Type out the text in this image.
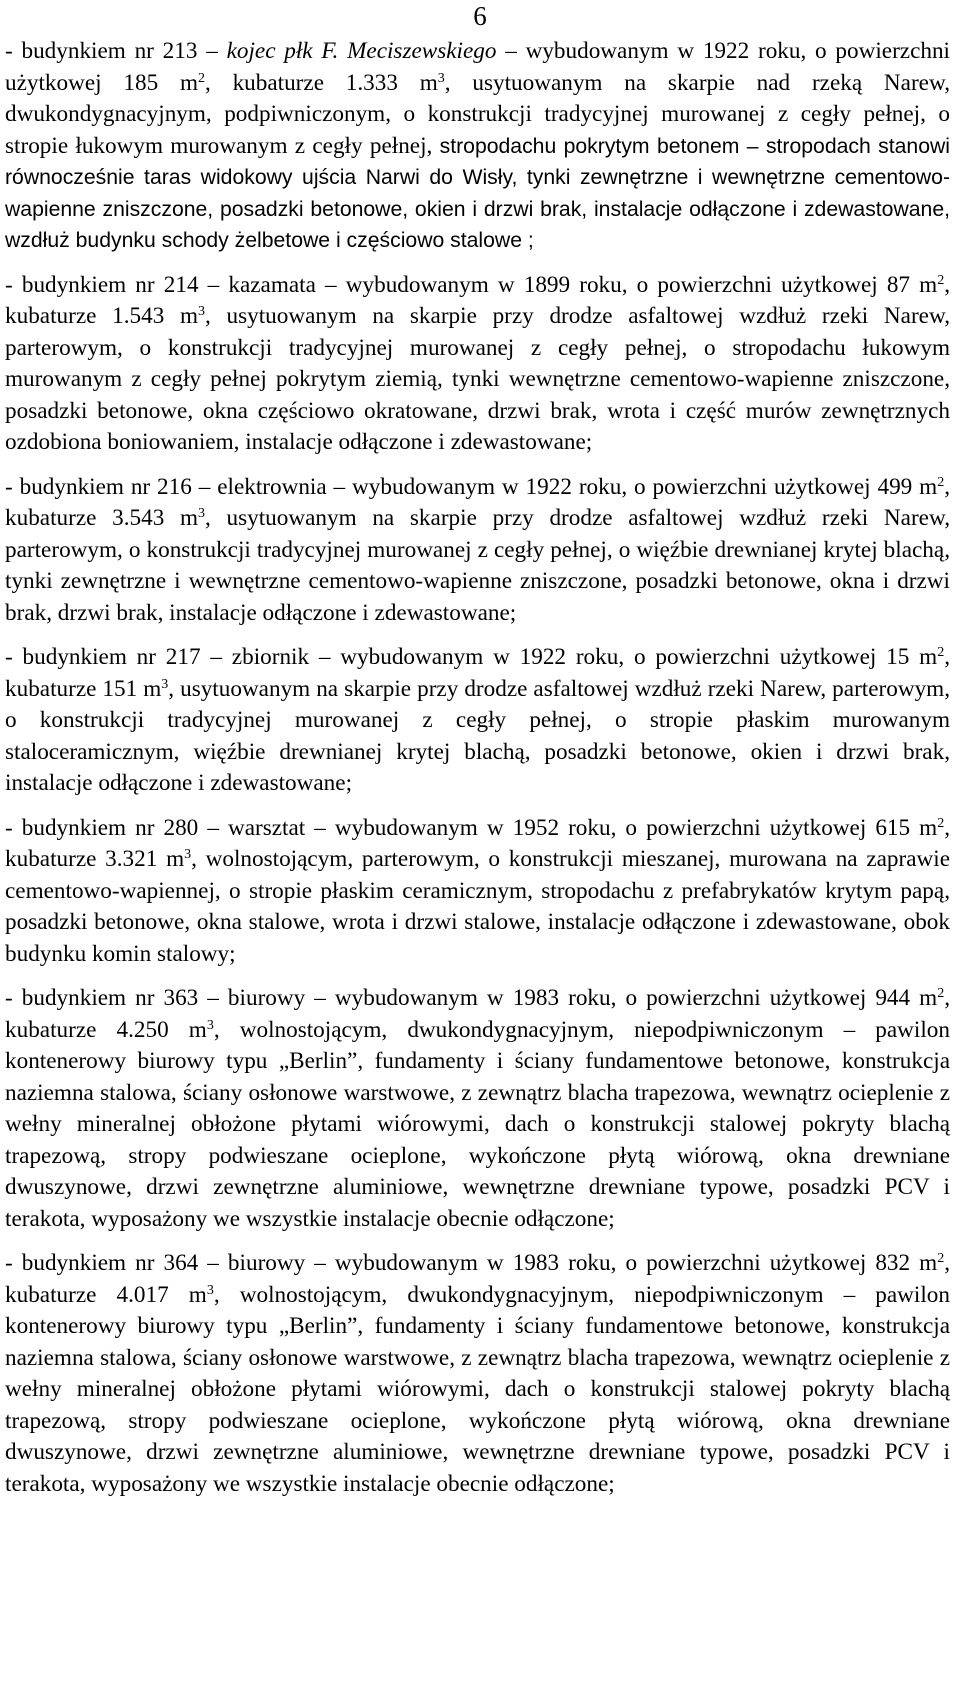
6

- budynkiem nr 213 – kojec płk F. Meciszewskiego – wybudowanym w 1922 roku, o powierzchni użytkowej 185 $m^2$, kubaturze 1.333 $m^3$, usytuowanym na skarpie nad rzeką Narew, dwukondygnacyjnym, podpiwniczonym, o konstrukcji tradycyjnej murowanej z cegły pełnej, o stropie łukowym murowanym z cegły pełnej, stropodachu pokrytym betonem – stropodach stanowi równocześnie taras widokowy ujścia Narwi do Wisły, tynki zewnętrzne i wewnętrzne cementowo-wapienne zniszczone, posadzki betonowe, okien i drzwi brak, instalacje odłączone i zdewastowane, wzdłuż budynku schody żelbetowe i częściowo stalowe ;

- budynkiem nr 214 – kazamata – wybudowanym w 1899 roku, o powierzchni użytkowej 87 $m^2$, kubaturze 1.543 $m^3$, usytuowanym na skarpie przy drodze asfaltowej wzdłuż rzeki Narew, parterowym, o konstrukcji tradycyjnej murowanej z cegły pełnej, o stropodachu łukowym murowanym z cegły pełnej pokrytym ziemią, tynki wewnętrzne cementowo-wapienne zniszczone, posadzki betonowe, okna częściowo okratowane, drzwi brak, wrota i część murów zewnętrznych ozdobiona boniowaniem, instalacje odłączone i zdewastowane;

- budynkiem nr 216 – elektrownia – wybudowanym w 1922 roku, o powierzchni użytkowej 499 $m^2$, kubaturze 3.543 $m^3$, usytuowanym na skarpie przy drodze asfaltowej wzdłuż rzeki Narew, parterowym, o konstrukcji tradycyjnej murowanej z cegły pełnej, o więźbie drewnianej krytej blachą, tynki zewnętrzne i wewnętrzne cementowo-wapienne zniszczone, posadzki betonowe, okna i drzwi brak, drzwi brak, instalacje odłączone i zdewastowane;

- budynkiem nr 217 – zbiornik – wybudowanym w 1922 roku, o powierzchni użytkowej 15 $m^2$, kubaturze 151 $m^3$, usytuowanym na skarpie przy drodze asfaltowej wzdłuż rzeki Narew, parterowym, o konstrukcji tradycyjnej murowanej z cegły pełnej, o stropie płaskim murowanym staloceramicznym, więźbie drewnianej krytej blachą, posadzki betonowe, okien i drzwi brak, instalacje odłączone i zdewastowane;

- budynkiem nr 280 – warsztat – wybudowanym w 1952 roku, o powierzchni użytkowej 615 $m^2$, kubaturze 3.321 $m^3$, wolnostojącym, parterowym, o konstrukcji mieszanej, murowana na zaprawie cementowo-wapiennej, o stropie płaskim ceramicznym, stropodachu z prefabrykatów krytym papą, posadzki betonowe, okna stalowe, wrota i drzwi stalowe, instalacje odłączone i zdewastowane, obok budynku komin stalowy;

- budynkiem nr 363 – biurowy – wybudowanym w 1983 roku, o powierzchni użytkowej 944 $m^2$, kubaturze 4.250 $m^3$, wolnostojącym, dwukondygnacyjnym, niepodpiwniczonym – pawilon kontenerowy biurowy typu „Berlin”, fundamenty i ściany fundamentowe betonowe, konstrukcja naziemna stalowa, ściany osłonowe warstwowe, z zewnątrz blacha trapezowa, wewnątrz ocieplenie z wełny mineralnej obłożone płytami wiórowymi, dach o konstrukcji stalowej pokryty blachą trapezową, stropy podwieszane ocieplone, wykończone płytą wiórową, okna drewniane dwuszynowe, drzwi zewnętrzne aluminiowe, wewnętrzne drewniane typowe, posadzki PCV i terakota, wyposażony we wszystkie instalacje obecnie odłączone;

- budynkiem nr 364 – biurowy – wybudowanym w 1983 roku, o powierzchni użytkowej 832 $m^2$, kubaturze 4.017 $m^3$, wolnostojącym, dwukondygnacyjnym, niepodpiwniczonym – pawilon kontenerowy biurowy typu „Berlin”, fundamenty i ściany fundamentowe betonowe, konstrukcja naziemna stalowa, ściany osłonowe warstwowe, z zewnątrz blacha trapezowa, wewnątrz ocieplenie z wełny mineralnej obłożone płytami wiórowymi, dach o konstrukcji stalowej pokryty blachą trapezową, stropy podwieszane ocieplone, wykończone płytą wiórową, okna drewniane dwuszynowe, drzwi zewnętrzne aluminiowe, wewnętrzne drewniane typowe, posadzki PCV i terakota, wyposażony we wszystkie instalacje obecnie odłączone;
